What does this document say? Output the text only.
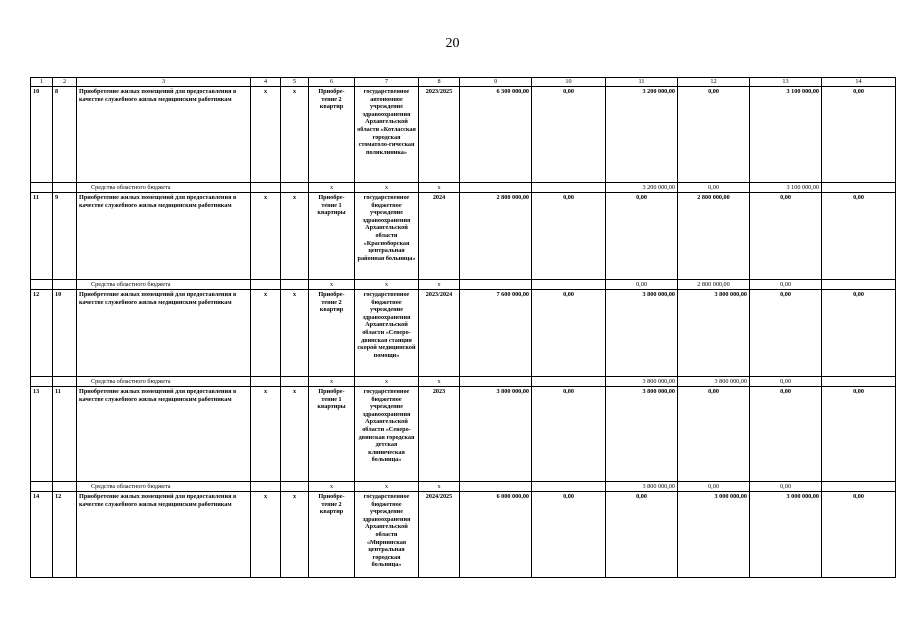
20
1	2	3	4	5	6	7	8	9	10	11	12	13	14
10	8	Приобретение жилых помещений для предоставления в качестве служебного жилья медицинским работникам	х	х	Приобре-тение 2 квартир	государственное автономное учреждение здравоохранения Архангельской области «Котласская городская стоматоло-гическая поликлиника»	2023/2025	6 300 000,00	0,00	3 200 000,00	0,00	3 100 000,00	0,00
		Средства областного бюджета			х	х	х			3 200 000,00	0,00	3 100 000,00	
11	9	Приобретение жилых помещений для предоставления в качестве служебного жилья медицинским работникам	х	х	Приобре-тение 1 квартиры	государственное бюджетное учреждение здравоохранения Архангельской области «Красноборская центральная районная больница»	2024	2 800 000,00	0,00	0,00	2 800 000,00	0,00	0,00
		Средства областного бюджета			х	х	х			0,00	2 800 000,00	0,00	
12	10	Приобретение жилых помещений для предоставления в качестве служебного жилья медицинским работникам	х	х	Приобре-тение 2 квартир	государственное бюджетное учреждение здравоохранения Архангельской области «Северо-двинская станция скорой медицинской помощи»	2023/2024	7 600 000,00	0,00	3 800 000,00	3 800 000,00	0,00	0,00
		Средства областного бюджета			х	х	х			3 800 000,00	3 800 000,00	0,00	
13	11	Приобретение жилых помещений для предоставления в качестве служебного жилья медицинским работникам	х	х	Приобре-тение 1 квартиры	государственное бюджетное учреждение здравоохранения Архангельской области «Северо-двинская городская детская клиническая больница»	2023	3 800 000,00	0,00	3 800 000,00	0,00	0,00	0,00
		Средства областного бюджета			х	х	х			3 800 000,00	0,00	0,00	
14	12	Приобретение жилых помещений для предоставления в качестве служебного жилья медицинским работникам	х	х	Приобре-тение 2 квартир	государственное бюджетное учреждение здравоохранения Архангельской области «Мирнинская центральная городская больница»	2024/2025	6 000 000,00	0,00	0,00	3 000 000,00	3 000 000,00	0,00
